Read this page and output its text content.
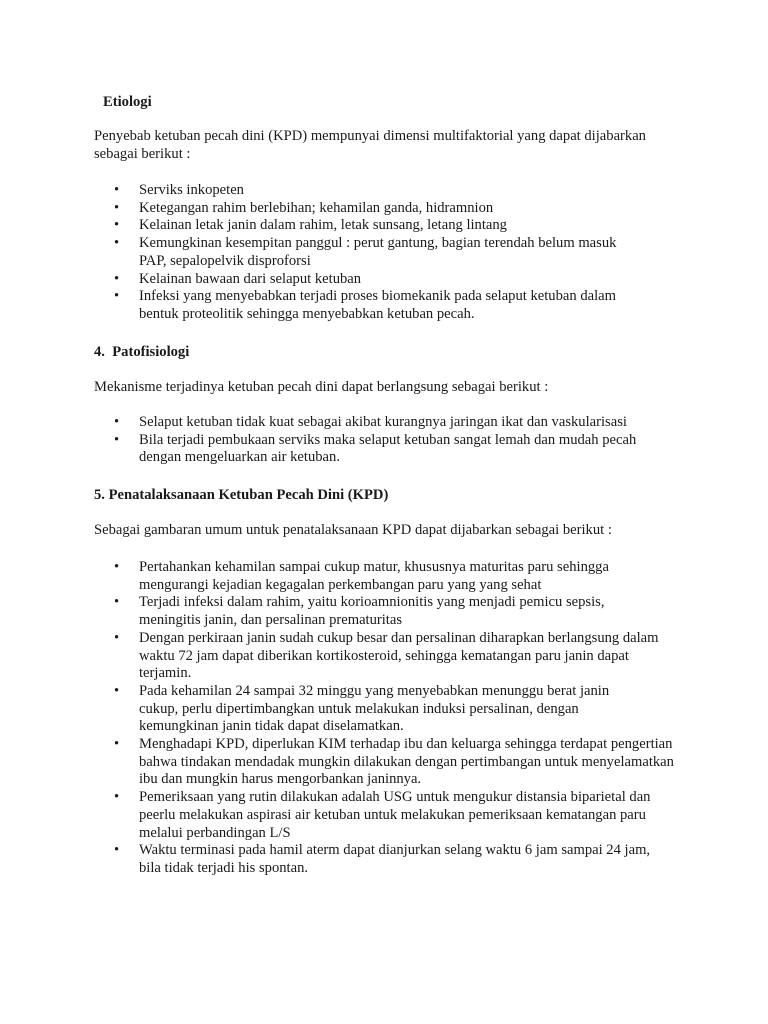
Etiologi

Penyebab ketuban pecah dini (KPD) mempunyai dimensi multifaktorial yang dapat dijabarkan sebagai berikut :

• Serviks inkopeten
• Ketegangan rahim berlebihan; kehamilan ganda, hidramnion
• Kelainan letak janin dalam rahim, letak sunsang, letang lintang
• Kemungkinan kesempitan panggul : perut gantung, bagian terendah belum masuk PAP, sepalopelvik disproforsi
• Kelainan bawaan dari selaput ketuban
• Infeksi yang menyebabkan terjadi proses biomekanik pada selaput ketuban dalam bentuk proteolitik sehingga menyebabkan ketuban pecah.
4. Patofisiologi

Mekanisme terjadinya ketuban pecah dini dapat berlangsung sebagai berikut :

• Selaput ketuban tidak kuat sebagai akibat kurangnya jaringan ikat dan vaskularisasi
• Bila terjadi pembukaan serviks maka selaput ketuban sangat lemah dan mudah pecah dengan mengeluarkan air ketuban.
5. Penatalaksanaan Ketuban Pecah Dini (KPD)

Sebagai gambaran umum untuk penatalaksanaan KPD dapat dijabarkan sebagai berikut :

• Pertahankan kehamilan sampai cukup matur, khususnya maturitas paru sehingga mengurangi kejadian kegagalan perkembangan paru yang yang sehat
• Terjadi infeksi dalam rahim, yaitu korioamnionitis yang menjadi pemicu sepsis, meningitis janin, dan persalinan prematuritas
• Dengan perkiraan janin sudah cukup besar dan persalinan diharapkan berlangsung dalam waktu 72 jam dapat diberikan kortikosteroid, sehingga kematangan paru janin dapat terjamin.
• Pada kehamilan 24 sampai 32 minggu yang menyebabkan menunggu berat janin cukup, perlu dipertimbangkan untuk melakukan induksi persalinan, dengan kemungkinan janin tidak dapat diselamatkan.
• Menghadapi KPD, diperlukan KIM terhadap ibu dan keluarga sehingga terdapat pengertian bahwa tindakan mendadak mungkin dilakukan dengan pertimbangan untuk menyelamatkan ibu dan mungkin harus mengorbankan janinnya.
• Pemeriksaan yang rutin dilakukan adalah USG untuk mengukur distansia biparietal dan peerlu melakukan aspirasi air ketuban untuk melakukan pemeriksaan kematangan paru melalui perbandingan L/S
• Waktu terminasi pada hamil aterm dapat dianjurkan selang waktu 6 jam sampai 24 jam, bila tidak terjadi his spontan.
